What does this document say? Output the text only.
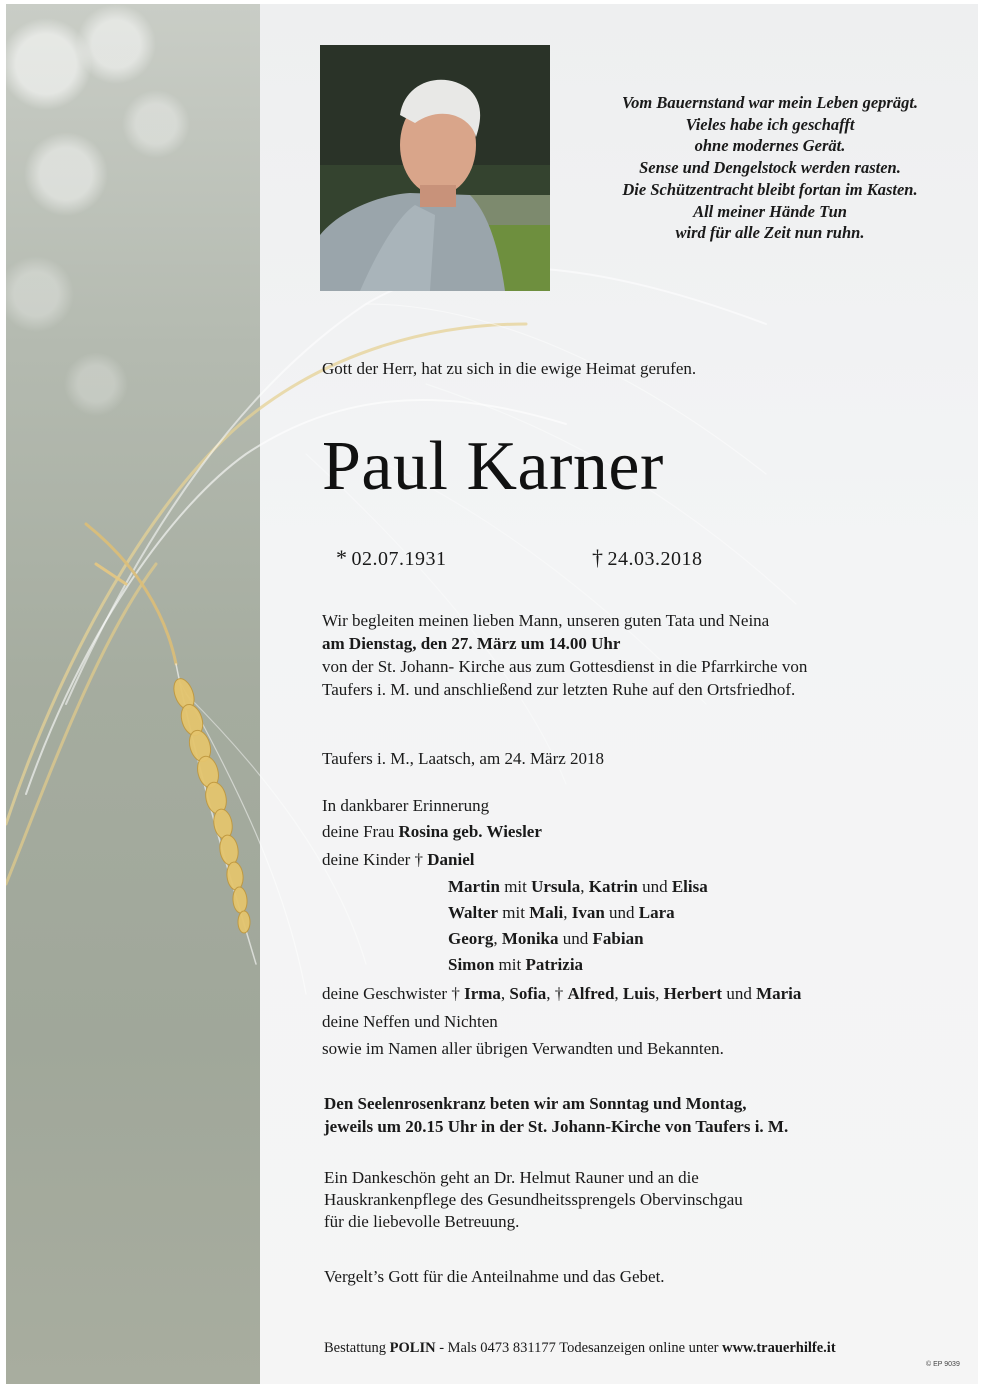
Vom Bauernstand war mein Leben geprägt.
Vieles habe ich geschafft
ohne modernes Gerät.
Sense und Dengelstock werden rasten.
Die Schützentracht bleibt fortan im Kasten.
All meiner Hände Tun
wird für alle Zeit nun ruhn.
Gott der Herr, hat zu sich in die ewige Heimat gerufen.
Paul Karner
* 02.07.1931	† 24.03.2018
Wir begleiten meinen lieben Mann, unseren guten Tata und Neina
am Dienstag, den 27. März um 14.00 Uhr
von der St. Johann- Kirche aus zum Gottesdienst in die Pfarrkirche von
Taufers i. M. und anschließend zur letzten Ruhe auf den Ortsfriedhof.
Taufers i. M., Laatsch, am 24. März 2018
In dankbarer Erinnerung
deine Frau Rosina geb. Wiesler
deine Kinder † Daniel
Martin mit Ursula, Katrin und Elisa
Walter mit Mali, Ivan und Lara
Georg, Monika und Fabian
Simon mit Patrizia
deine Geschwister † Irma, Sofia, † Alfred, Luis, Herbert und Maria
deine Neffen und Nichten
sowie im Namen aller übrigen Verwandten und Bekannten.
Den Seelenrosenkranz beten wir am Sonntag und Montag,
jeweils um 20.15 Uhr in der St. Johann-Kirche von Taufers i. M.
Ein Dankeschön geht an Dr. Helmut Rauner und an die
Hauskrankenpflege des Gesundheitssprengels Obervinschgau
für die liebevolle Betreuung.
Vergelt’s Gott für die Anteilnahme und das Gebet.
Bestattung POLIN - Mals 0473 831177 Todesanzeigen online unter www.trauerhilfe.it
© EP 9039
